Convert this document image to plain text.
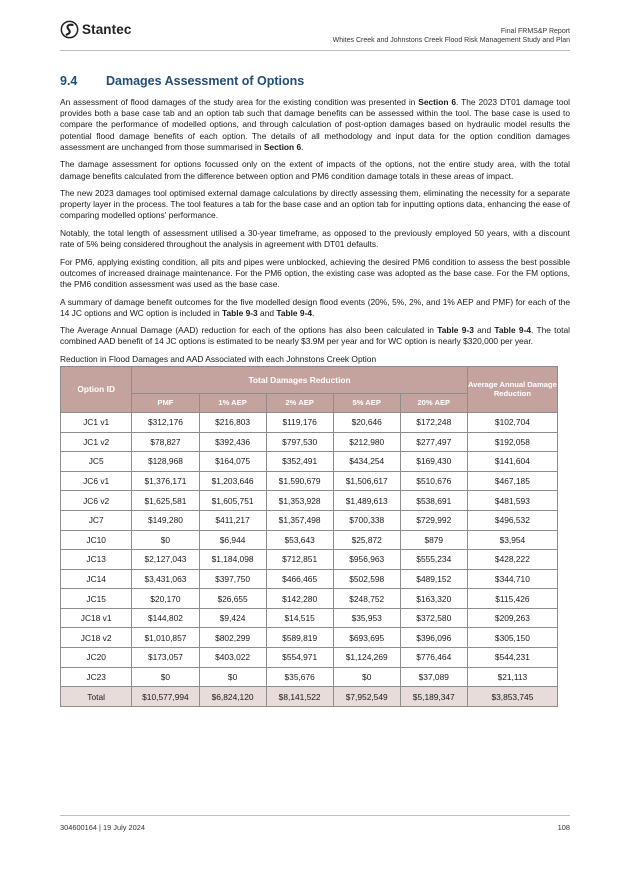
Stantec	Final FRMS&P Report
Whites Creek and Johnstons Creek Flood Risk Management Study and Plan
9.4	Damages Assessment of Options

An assessment of flood damages of the study area for the existing condition was presented in Section 6. The 2023 DT01 damage tool provides both a base case tab and an option tab such that damage benefits can be assessed within the tool. The base case is used to compare the performance of modelled options, and through calculation of post-option damages based on hydraulic model results the potential flood damage benefits of each option. The details of all methodology and input data for the option condition damages assessment are unchanged from those summarised in Section 6.

The damage assessment for options focussed only on the extent of impacts of the options, not the entire study area, with the total damage benefits calculated from the difference between option and PM6 condition damage totals in these areas of impact.

The new 2023 damages tool optimised external damage calculations by directly assessing them, eliminating the necessity for a separate property layer in the process. The tool features a tab for the base case and an option tab for inputting options data, enhancing the ease of comparing modelled options' performance.

Notably, the total length of assessment utilised a 30-year timeframe, as opposed to the previously employed 50 years, with a discount rate of 5% being considered throughout the analysis in agreement with DT01 defaults.

For PM6, applying existing condition, all pits and pipes were unblocked, achieving the desired PM6 condition to assess the best possible outcomes of increased drainage maintenance. For the PM6 option, the existing case was adopted as the base case. For the FM options, the PM6 condition assessment was used as the base case.

A summary of damage benefit outcomes for the five modelled design flood events (20%, 5%, 2%, and 1% AEP and PMF) for each of the 14 JC options and WC option is included in Table 9-3 and Table 9-4.

The Average Annual Damage (AAD) reduction for each of the options has also been calculated in Table 9-3 and Table 9-4. The total combined AAD benefit of 14 JC options is estimated to be nearly $3.9M per year and for WC option is nearly $320,000 per year.

Reduction in Flood Damages and AAD Associated with each Johnstons Creek Option
Option ID	Total Damages Reduction					Average Annual Damage Reduction
	PMF	1% AEP	2% AEP	5% AEP	20% AEP	
JC1 v1	$312,176	$216,803	$119,176	$20,646	$172,248	$102,704
JC1 v2	$78,827	$392,436	$797,530	$212,980	$277,497	$192,058
JC5	$128,968	$164,075	$352,491	$434,254	$169,430	$141,604
JC6 v1	$1,376,171	$1,203,646	$1,590,679	$1,506,617	$510,676	$467,185
JC6 v2	$1,625,581	$1,605,751	$1,353,928	$1,489,613	$538,691	$481,593
JC7	$149,280	$411,217	$1,357,498	$700,338	$729,992	$496,532
JC10	$0	$6,944	$53,643	$25,872	$879	$3,954
JC13	$2,127,043	$1,184,098	$712,851	$956,963	$555,234	$428,222
JC14	$3,431,063	$397,750	$466,465	$502,598	$489,152	$344,710
JC15	$20,170	$26,655	$142,280	$248,752	$163,320	$115,426
JC18 v1	$144,802	$9,424	$14,515	$35,953	$372,580	$209,263
JC18 v2	$1,010,857	$802,299	$589,819	$693,695	$396,096	$305,150
JC20	$173,057	$403,022	$554,971	$1,124,269	$776,464	$544,231
JC23	$0	$0	$35,676	$0	$37,089	$21,113
Total	$10,577,994	$6,824,120	$8,141,522	$7,952,549	$5,189,347	$3,853,745
304600164 | 19 July 2024	108
